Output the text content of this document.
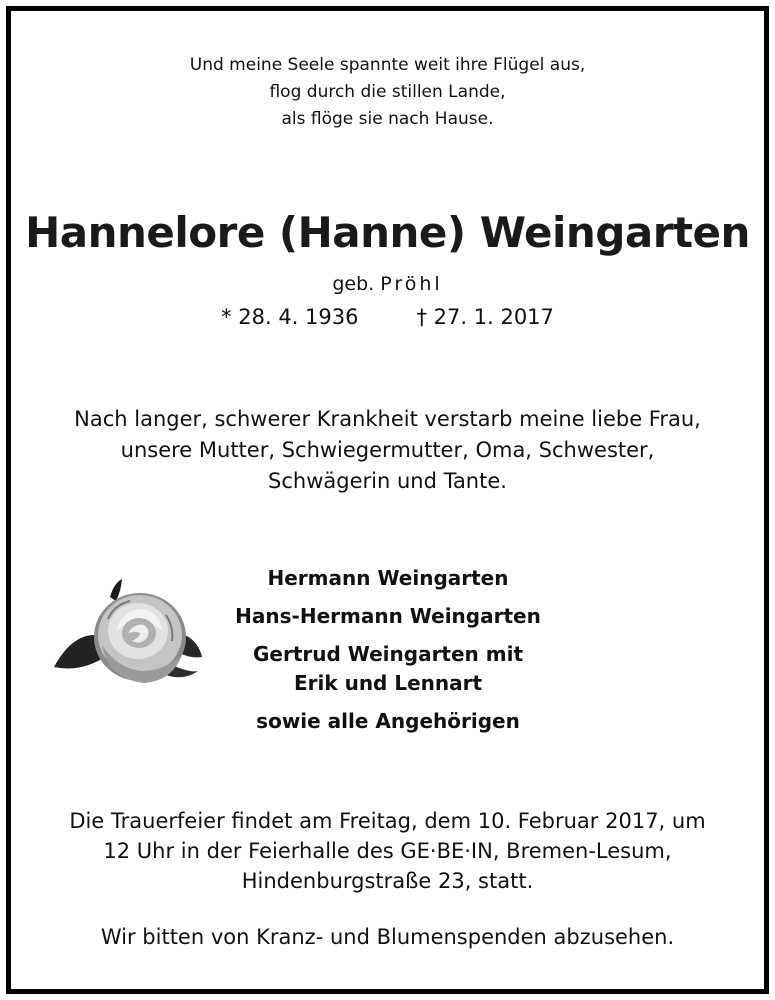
Und meine Seele spannte weit ihre Flügel aus,
flog durch die stillen Lande,
als flöge sie nach Hause.
Hannelore (Hanne) Weingarten
geb. Pröhl
* 28. 4. 1936	† 27. 1. 2017
Nach langer, schwerer Krankheit verstarb meine liebe Frau,
unsere Mutter, Schwiegermutter, Oma, Schwester,
Schwägerin und Tante.
Hermann Weingarten
Hans-Hermann Weingarten
Gertrud Weingarten mit
Erik und Lennart
sowie alle Angehörigen
Die Trauerfeier findet am Freitag, dem 10. Februar 2017, um
12 Uhr in der Feierhalle des GE·BE·IN, Bremen-Lesum,
Hindenburgstraße 23, statt.
Wir bitten von Kranz- und Blumenspenden abzusehen.
